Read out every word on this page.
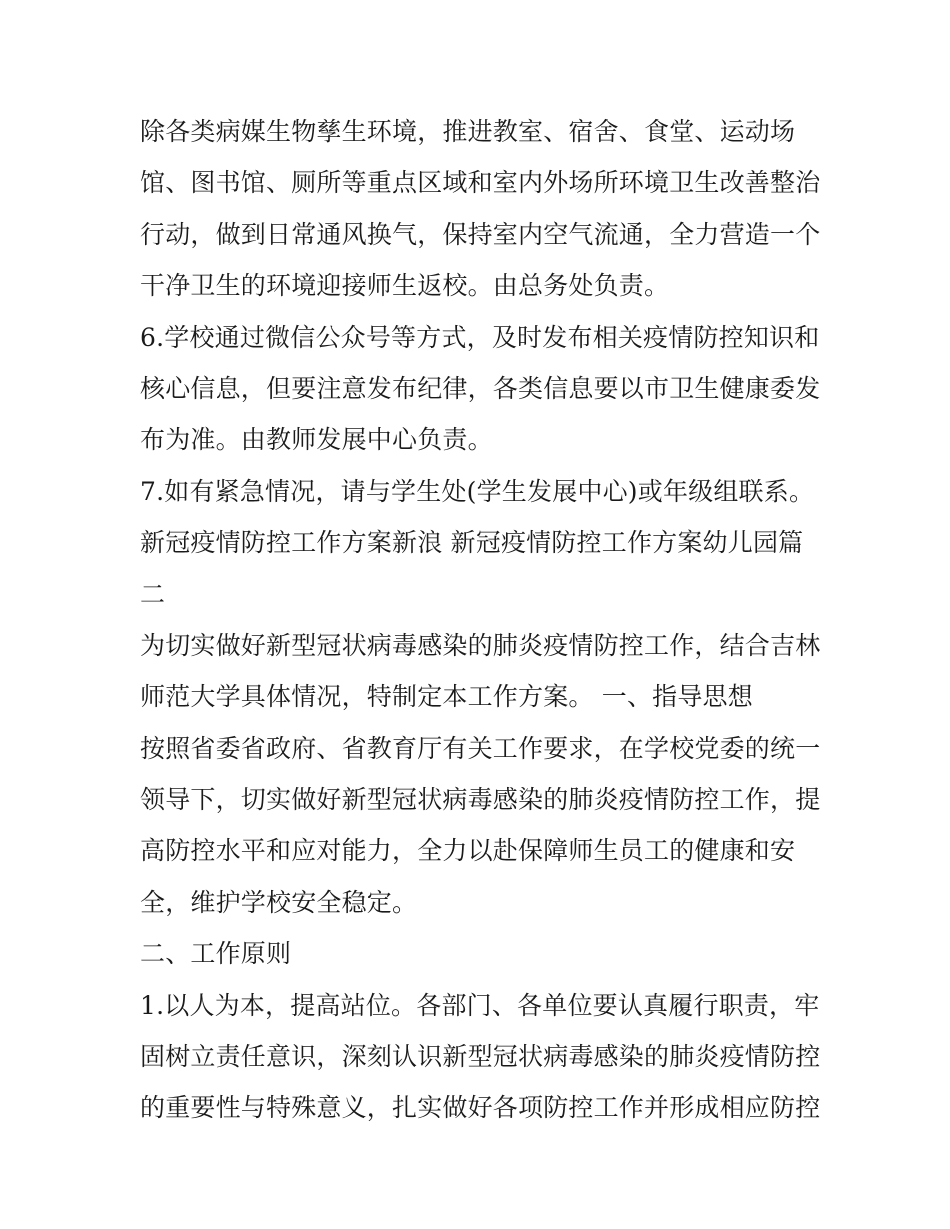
除各类病媒生物孳生环境，推进教室、宿舍、食堂、运动场
馆、图书馆、厕所等重点区域和室内外场所环境卫生改善整治
行动，做到日常通风换气，保持室内空气流通，全力营造一个
干净卫生的环境迎接师生返校。由总务处负责。
6.学校通过微信公众号等方式，及时发布相关疫情防控知识和
核心信息，但要注意发布纪律，各类信息要以市卫生健康委发
布为准。由教师发展中心负责。
7.如有紧急情况，请与学生处(学生发展中心)或年级组联系。
新冠疫情防控工作方案新浪 新冠疫情防控工作方案幼儿园篇
二
为切实做好新型冠状病毒感染的肺炎疫情防控工作，结合吉林
师范大学具体情况，特制定本工作方案。 一、指导思想
按照省委省政府、省教育厅有关工作要求，在学校党委的统一
领导下，切实做好新型冠状病毒感染的肺炎疫情防控工作，提
高防控水平和应对能力，全力以赴保障师生员工的健康和安
全，维护学校安全稳定。
二、工作原则
1.以人为本，提高站位。各部门、各单位要认真履行职责，牢
固树立责任意识，深刻认识新型冠状病毒感染的肺炎疫情防控
的重要性与特殊意义，扎实做好各项防控工作并形成相应防控
